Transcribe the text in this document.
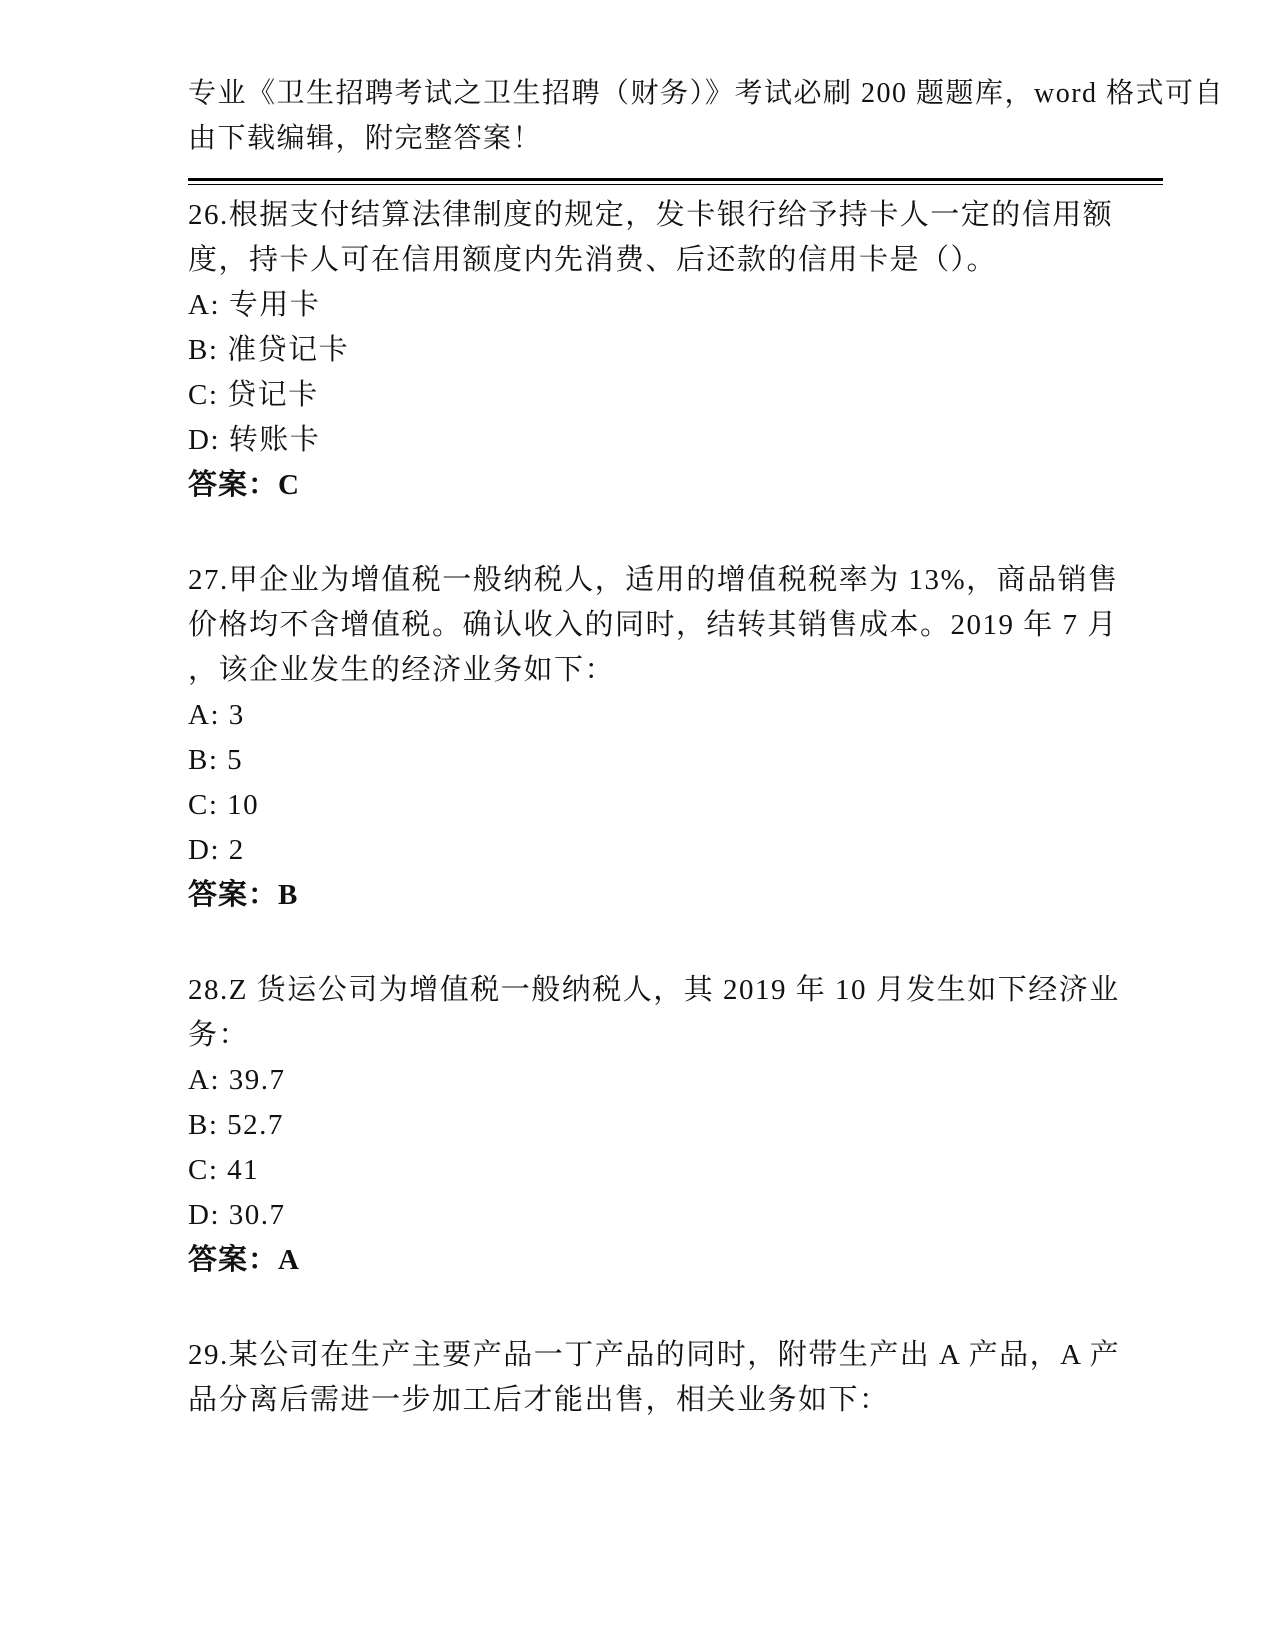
专业《卫生招聘考试之卫生招聘（财务）》考试必刷 200 题题库，word 格式可自
由下载编辑，附完整答案！
26.根据支付结算法律制度的规定，发卡银行给予持卡人一定的信用额
度，持卡人可在信用额度内先消费、后还款的信用卡是（）。
A: 专用卡
B: 准贷记卡
C: 贷记卡
D: 转账卡
答案：C
27.甲企业为增值税一般纳税人，适用的增值税税率为 13%，商品销售
价格均不含增值税。确认收入的同时，结转其销售成本。2019 年 7 月
，该企业发生的经济业务如下：
A: 3
B: 5
C: 10
D: 2
答案：B
28.Z 货运公司为增值税一般纳税人，其 2019 年 10 月发生如下经济业
务：
A: 39.7
B: 52.7
C: 41
D: 30.7
答案：A
29.某公司在生产主要产品一丁产品的同时，附带生产出 A 产品，A 产
品分离后需进一步加工后才能出售，相关业务如下：
